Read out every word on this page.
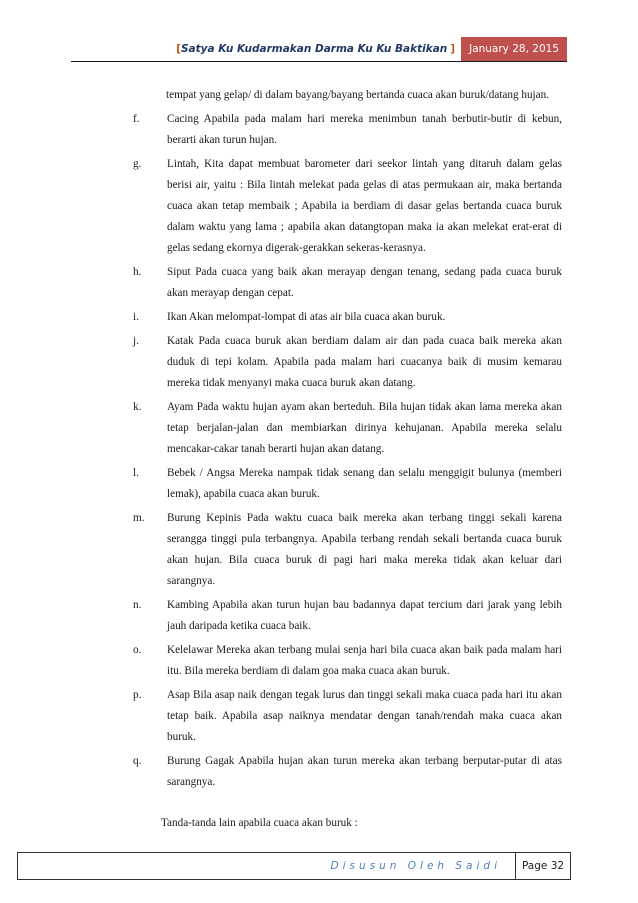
[ Satya Ku Kudarmakan Darma Ku Ku Baktikan ]	January 28, 2015

tempat yang gelap/ di dalam bayang/bayang bertanda cuaca akan buruk/datang hujan.

f.	Cacing Apabila pada malam hari mereka menimbun tanah berbutir-butir di kebun, berarti akan turun hujan.
g.	Lintah, Kita dapat membuat barometer dari seekor lintah yang ditaruh dalam gelas berisi air, yaitu : Bila lintah melekat pada gelas di atas permukaan air, maka bertanda cuaca akan tetap membaik ; Apabila ia berdiam di dasar gelas bertanda cuaca buruk dalam waktu yang lama ; apabila akan datangtopan maka ia akan melekat erat-erat di gelas sedang ekornya digerak-gerakkan sekeras-kerasnya.
h.	Siput Pada cuaca yang baik akan merayap dengan tenang, sedang pada cuaca buruk akan merayap dengan cepat.
i.	Ikan Akan melompat-lompat di atas air bila cuaca akan buruk.
j.	Katak Pada cuaca buruk akan berdiam dalam air dan pada cuaca baik mereka akan duduk di tepi kolam. Apabila pada malam hari cuacanya baik di musim kemarau mereka tidak menyanyi maka cuaca buruk akan datang.
k.	Ayam Pada waktu hujan ayam akan berteduh. Bila hujan tidak akan lama mereka akan tetap berjalan-jalan dan membiarkan dirinya kehujanan. Apabila mereka selalu mencakar-cakar tanah berarti hujan akan datang.
l.	Bebek / Angsa Mereka nampak tidak senang dan selalu menggigit bulunya (memberi lemak), apabila cuaca akan buruk.
m.	Burung Kepinis Pada waktu cuaca baik mereka akan terbang tinggi sekali karena serangga tinggi pula terbangnya. Apabila terbang rendah sekali bertanda cuaca buruk akan hujan. Bila cuaca buruk di pagi hari maka mereka tidak akan keluar dari sarangnya.
n.	Kambing Apabila akan turun hujan bau badannya dapat tercium dari jarak yang lebih jauh daripada ketika cuaca baik.
o.	Kelelawar Mereka akan terbang mulai senja hari bila cuaca akan baik pada malam hari itu. Bila mereka berdiam di dalam goa maka cuaca akan buruk.
p.	Asap Bila asap naik dengan tegak lurus dan tinggi sekali maka cuaca pada hari itu akan tetap baik. Apabila asap naiknya mendatar dengan tanah/rendah maka cuaca akan buruk.
q.	Burung Gagak Apabila hujan akan turun mereka akan terbang berputar-putar di atas sarangnya.

Tanda-tanda lain apabila cuaca akan buruk :

Disusun Oleh Saidi	Page 32
